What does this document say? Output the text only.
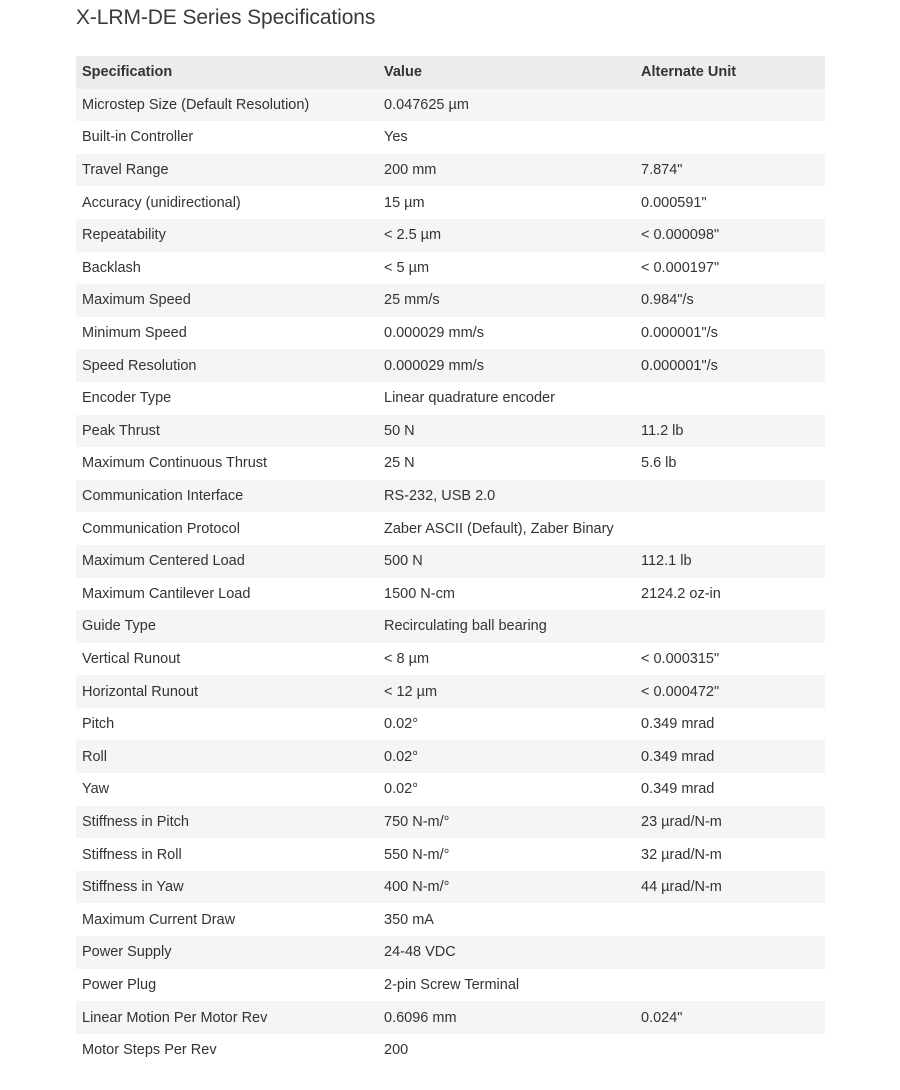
X-LRM-DE Series Specifications
Specification	Value	Alternate Unit
Microstep Size (Default Resolution)	0.047625 µm	
Built-in Controller	Yes	
Travel Range	200 mm	7.874"
Accuracy (unidirectional)	15 µm	0.000591"
Repeatability	< 2.5 µm	< 0.000098"
Backlash	< 5 µm	< 0.000197"
Maximum Speed	25 mm/s	0.984"/s
Minimum Speed	0.000029 mm/s	0.000001"/s
Speed Resolution	0.000029 mm/s	0.000001"/s
Encoder Type	Linear quadrature encoder	
Peak Thrust	50 N	11.2 lb
Maximum Continuous Thrust	25 N	5.6 lb
Communication Interface	RS-232, USB 2.0	
Communication Protocol	Zaber ASCII (Default), Zaber Binary	
Maximum Centered Load	500 N	112.1 lb
Maximum Cantilever Load	1500 N-cm	2124.2 oz-in
Guide Type	Recirculating ball bearing	
Vertical Runout	< 8 µm	< 0.000315"
Horizontal Runout	< 12 µm	< 0.000472"
Pitch	0.02°	0.349 mrad
Roll	0.02°	0.349 mrad
Yaw	0.02°	0.349 mrad
Stiffness in Pitch	750 N-m/°	23 µrad/N-m
Stiffness in Roll	550 N-m/°	32 µrad/N-m
Stiffness in Yaw	400 N-m/°	44 µrad/N-m
Maximum Current Draw	350 mA	
Power Supply	24-48 VDC	
Power Plug	2-pin Screw Terminal	
Linear Motion Per Motor Rev	0.6096 mm	0.024"
Motor Steps Per Rev	200	
